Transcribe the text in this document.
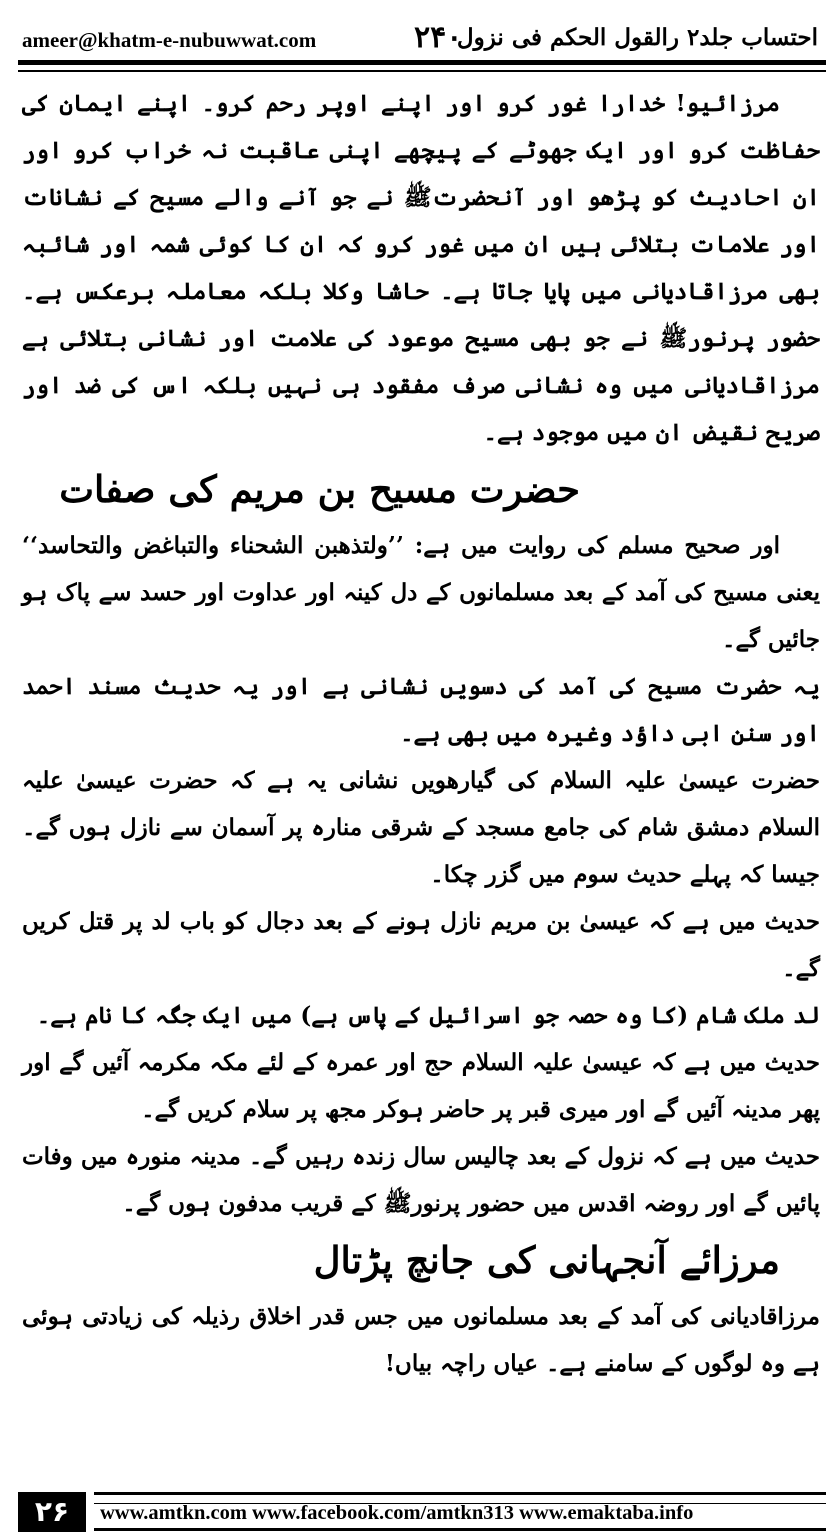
ameer@khatm-e-nubuwwat.com	۲۴۰
احتساب جلد۲ رالقول الحکم فی نزول

مرزائیو! خدارا غور کرو اور اپنے اوپر رحم کرو۔ اپنے ایمان کی حفاظت کرو اور ایک جھوٹے کے پیچھے اپنی عاقبت نہ خراب کرو اور ان احادیث کو پڑھو اور آنحضرتﷺ نے جو آنے والے مسیح کے نشانات اور علامات بتلائی ہیں ان میں غور کرو کہ ان کا کوئی شمہ اور شائبہ بھی مرزاقادیانی میں پایا جاتا ہے۔ حاشا وکلا بلکہ معاملہ برعکس ہے۔ حضور پرنورﷺ نے جو بھی مسیح موعود کی علامت اور نشانی بتلائی ہے مرزاقادیانی میں وہ نشانی صرف مفقود ہی نہیں بلکہ اس کی ضد اور صریح نقیض ان میں موجود ہے۔

حضرت مسیح بن مریم کی صفات

اور صحیح مسلم کی روایت میں ہے: ’’ولتذهبن الشحناء والتباغض والتحاسد‘‘ یعنی مسیح کی آمد کے بعد مسلمانوں کے دل کینہ اور عداوت اور حسد سے پاک ہو جائیں گے۔

یہ حضرت مسیح کی آمد کی دسویں نشانی ہے اور یہ حدیث مسند احمد اور سنن ابی داؤد وغیرہ میں بھی ہے۔

حضرت عیسیٰ علیہ السلام کی گیارھویں نشانی یہ ہے کہ حضرت عیسیٰ علیہ السلام دمشق شام کی جامع مسجد کے شرقی منارہ پر آسمان سے نازل ہوں گے۔ جیسا کہ پہلے حدیث سوم میں گزر چکا۔

حدیث میں ہے کہ عیسیٰ بن مریم نازل ہونے کے بعد دجال کو باب لد پر قتل کریں گے۔

لد ملک شام (کا وہ حصہ جو اسرائیل کے پاس ہے) میں ایک جگہ کا نام ہے۔

حدیث میں ہے کہ عیسیٰ علیہ السلام حج اور عمرہ کے لئے مکہ مکرمہ آئیں گے اور پھر مدینہ آئیں گے اور میری قبر پر حاضر ہوکر مجھ پر سلام کریں گے۔

حدیث میں ہے کہ نزول کے بعد چالیس سال زندہ رہیں گے۔ مدینہ منورہ میں وفات پائیں گے اور روضہ اقدس میں حضور پرنورﷺ کے قریب مدفون ہوں گے۔

مرزائے آنجہانی کی جانچ پڑتال

مرزاقادیانی کی آمد کے بعد مسلمانوں میں جس قدر اخلاق رذیلہ کی زیادتی ہوئی ہے وہ لوگوں کے سامنے ہے۔ عیاں راچہ بیاں!

۲۶	www.amtkn.com www.facebook.com/amtkn313 www.emaktaba.info
